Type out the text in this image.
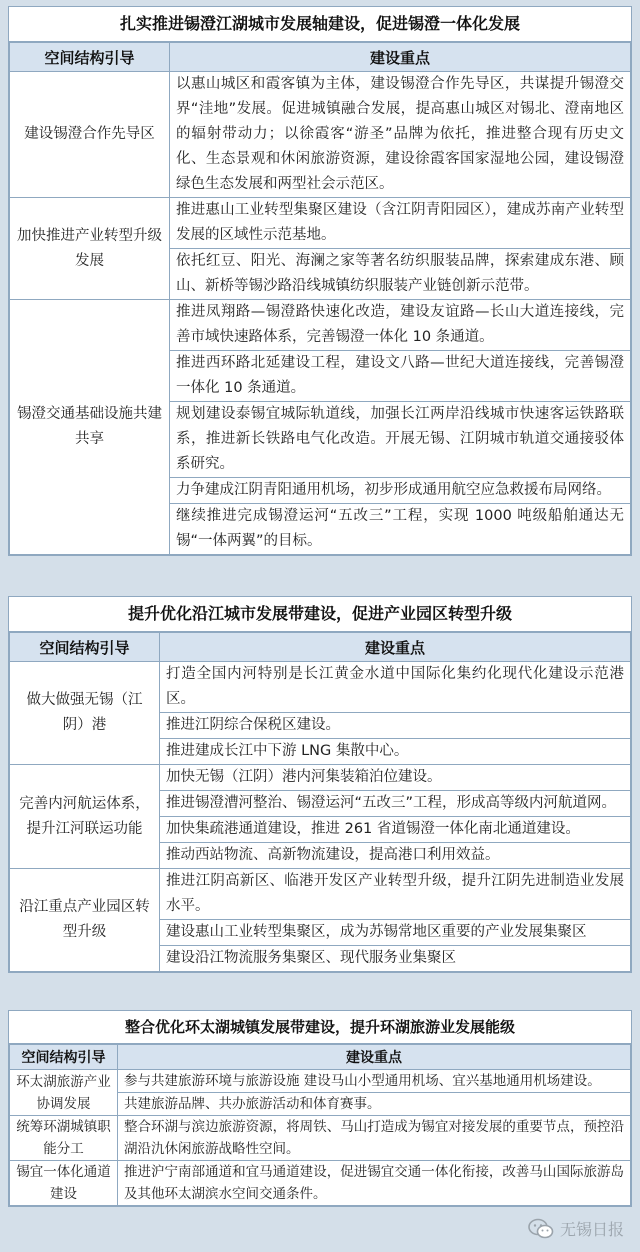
扎实推进锡澄江湖城市发展轴建设，促进锡澄一体化发展
空间结构引导	建设重点
建设锡澄合作先导区	以惠山城区和霞客镇为主体，建设锡澄合作先导区，共谋提升锡澄交界“洼地”发展。促进城镇融合发展，提高惠山城区对锡北、澄南地区的辐射带动力；以徐霞客“游圣”品牌为依托，推进整合现有历史文化、生态景观和休闲旅游资源，建设徐霞客国家湿地公园，建设锡澄绿色生态发展和两型社会示范区。
加快推进产业转型升级发展	推进惠山工业转型集聚区建设（含江阴青阳园区），建成苏南产业转型发展的区域性示范基地。
	依托红豆、阳光、海澜之家等著名纺织服装品牌，探索建成东港、顾山、新桥等锡沙路沿线城镇纺织服装产业链创新示范带。
锡澄交通基础设施共建共享	推进凤翔路—锡澄路快速化改造，建设友谊路—长山大道连接线，完善市域快速路体系，完善锡澄一体化 10 条通道。
	推进西环路北延建设工程，建设文八路—世纪大道连接线，完善锡澄一体化 10 条通道。
	规划建设泰锡宜城际轨道线，加强长江两岸沿线城市快速客运铁路联系，推进新长铁路电气化改造。开展无锡、江阴城市轨道交通接驳体系研究。
	力争建成江阴青阳通用机场，初步形成通用航空应急救援布局网络。
	继续推进完成锡澄运河“五改三”工程，实现 1000 吨级船舶通达无锡“一体两翼”的目标。
提升优化沿江城市发展带建设，促进产业园区转型升级
空间结构引导	建设重点
做大做强无锡（江阴）港	打造全国内河特别是长江黄金水道中国际化集约化现代化建设示范港区。
	推进江阴综合保税区建设。
	推进建成长江中下游 LNG 集散中心。
完善内河航运体系，提升江河联运功能	加快无锡（江阴）港内河集装箱泊位建设。
	推进锡澄漕河整治、锡澄运河“五改三”工程，形成高等级内河航道网。
	加快集疏港通道建设，推进 261 省道锡澄一体化南北通道建设。
	推动西站物流、高新物流建设，提高港口利用效益。
沿江重点产业园区转型升级	推进江阴高新区、临港开发区产业转型升级，提升江阴先进制造业发展水平。
	建设惠山工业转型集聚区，成为苏锡常地区重要的产业发展集聚区
	建设沿江物流服务集聚区、现代服务业集聚区
整合优化环太湖城镇发展带建设，提升环湖旅游业发展能级
空间结构引导	建设重点
环太湖旅游产业协调发展	参与共建旅游环境与旅游设施 建设马山小型通用机场、宜兴基地通用机场建设。
	共建旅游品牌、共办旅游活动和体育赛事。
统筹环湖城镇职能分工	整合环湖与滨边旅游资源，将周铁、马山打造成为锡宜对接发展的重要节点，预控沿湖沿氿休闲旅游战略性空间。
锡宜一体化通道建设	推进沪宁南部通道和宜马通道建设，促进锡宜交通一体化衔接，改善马山国际旅游岛及其他环太湖滨水空间交通条件。
无锡日报
